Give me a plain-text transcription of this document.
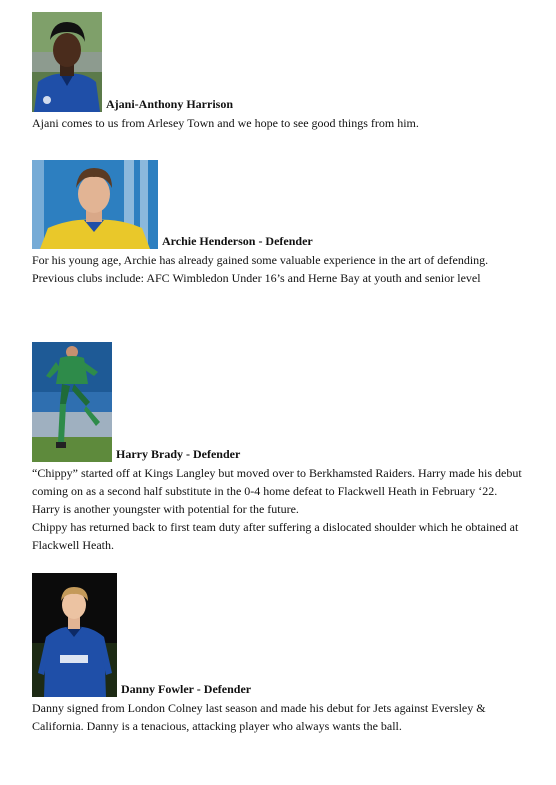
Ajani-Anthony Harrison

Ajani comes to us from Arlesey Town and we hope to see good things from him.

Archie Henderson - Defender

For his young age, Archie has already gained some valuable experience in the art of defending.

Previous clubs include: AFC Wimbledon Under 16’s and Herne Bay at youth and senior level

Harry Brady - Defender

“Chippy” started off at Kings Langley but moved over to Berkhamsted Raiders. Harry made his debut coming on as a second half substitute in the 0-4 home defeat to Flackwell Heath in February ‘22. Harry is another youngster with potential for the future.

Chippy has returned back to first team duty after suffering a dislocated shoulder which he obtained at Flackwell Heath.

Danny Fowler - Defender

Danny signed from London Colney last season and made his debut for Jets against Eversley & California. Danny is a tenacious, attacking player who always wants the ball.
